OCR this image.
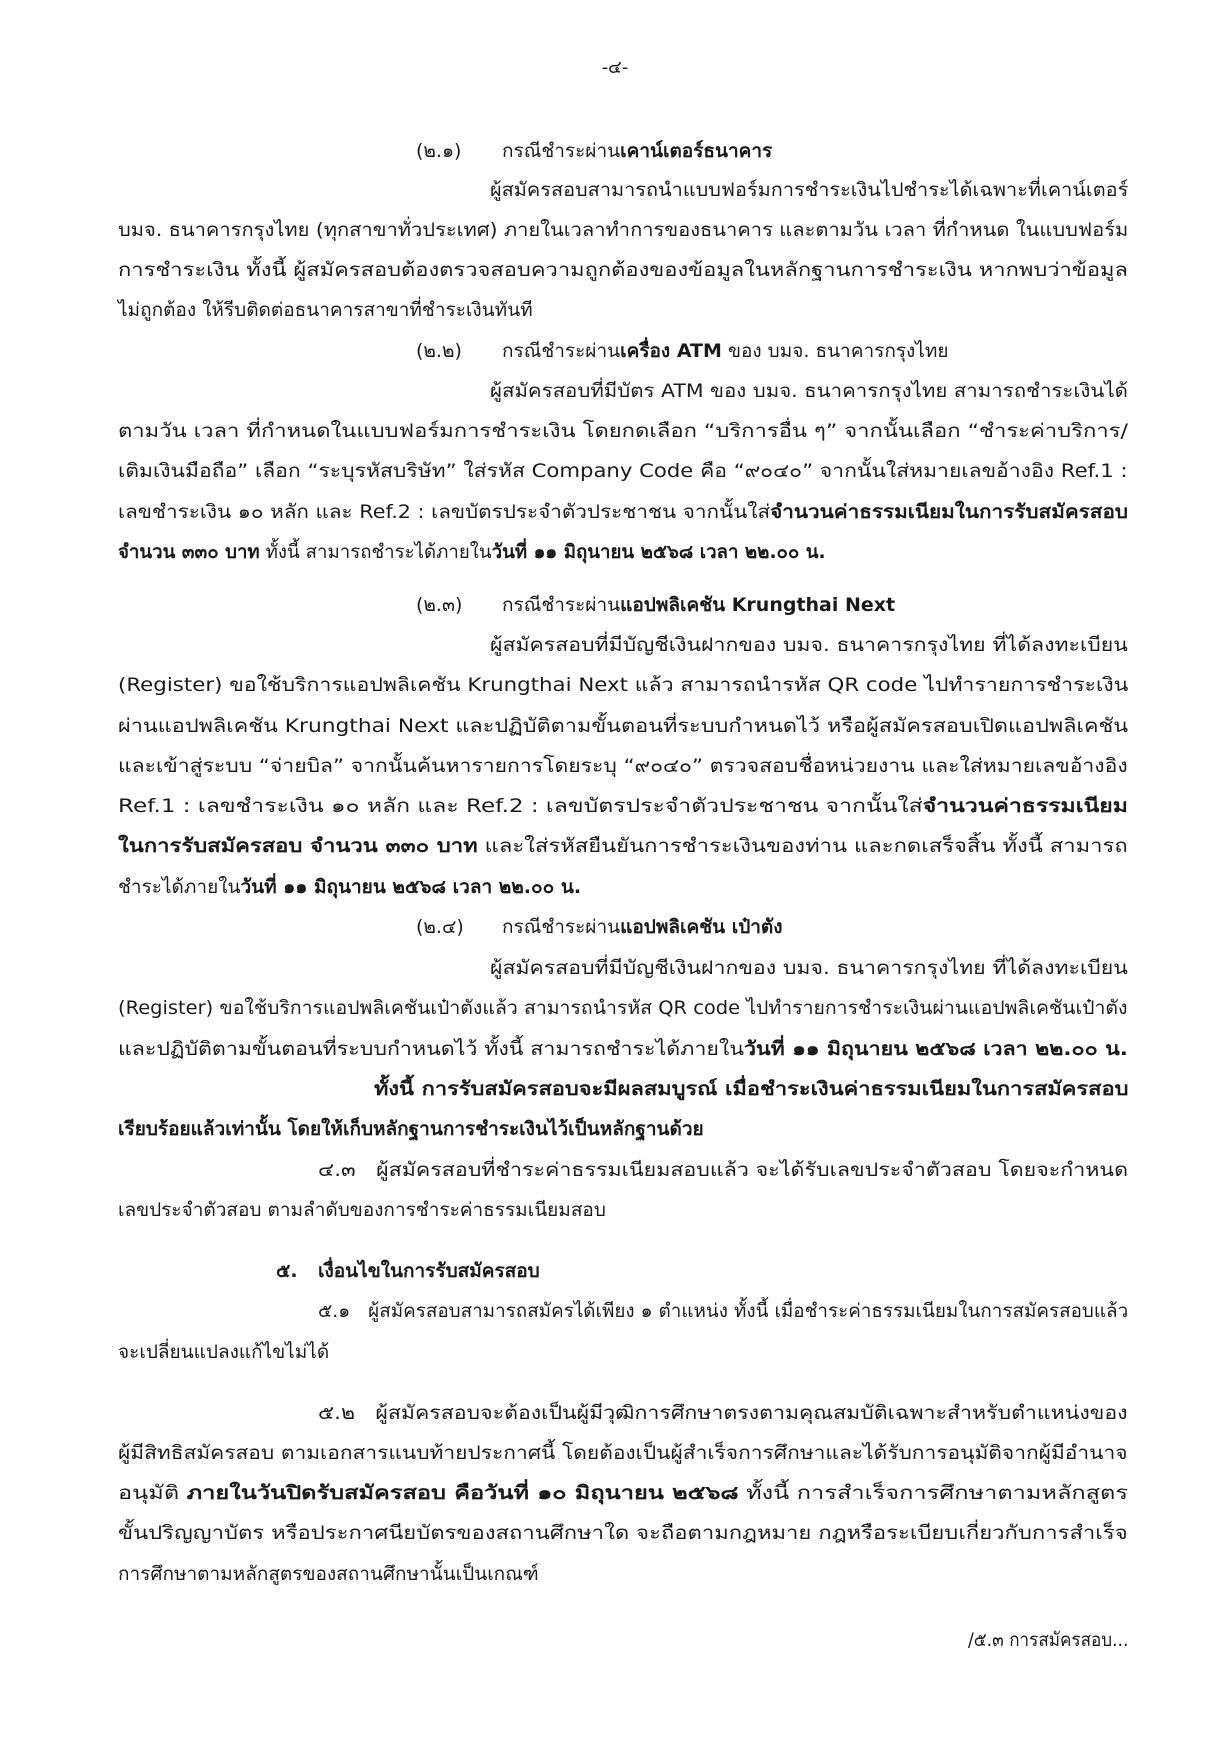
-๔-
(๒.๑) กรณีชำระผ่านเคาน์เตอร์ธนาคาร
ผู้สมัครสอบสามารถนำแบบฟอร์มการชำระเงินไปชำระได้เฉพาะที่เคาน์เตอร์
บมจ. ธนาคารกรุงไทย (ทุกสาขาทั่วประเทศ) ภายในเวลาทำการของธนาคาร และตามวัน เวลา ที่กำหนด ในแบบฟอร์ม
การชำระเงิน ทั้งนี้ ผู้สมัครสอบต้องตรวจสอบความถูกต้องของข้อมูลในหลักฐานการชำระเงิน หากพบว่าข้อมูล
ไม่ถูกต้อง ให้รีบติดต่อธนาคารสาขาที่ชำระเงินทันที
(๒.๒) กรณีชำระผ่านเครื่อง ATM ของ บมจ. ธนาคารกรุงไทย
ผู้สมัครสอบที่มีบัตร ATM ของ บมจ. ธนาคารกรุงไทย สามารถชำระเงินได้
ตามวัน เวลา ที่กำหนดในแบบฟอร์มการชำระเงิน โดยกดเลือก “บริการอื่น ๆ” จากนั้นเลือก “ชำระค่าบริการ/
เติมเงินมือถือ” เลือก “ระบุรหัสบริษัท” ใส่รหัส Company Code คือ “๙๐๔๐” จากนั้นใส่หมายเลขอ้างอิง Ref.1 :
เลขชำระเงิน ๑๐ หลัก และ Ref.2 : เลขบัตรประจำตัวประชาชน จากนั้นใส่จำนวนค่าธรรมเนียมในการรับสมัครสอบ
จำนวน ๓๓๐ บาท ทั้งนี้ สามารถชำระได้ภายในวันที่ ๑๑ มิถุนายน ๒๕๖๘ เวลา ๒๒.๐๐ น.
(๒.๓) กรณีชำระผ่านแอปพลิเคชัน Krungthai Next
ผู้สมัครสอบที่มีบัญชีเงินฝากของ บมจ. ธนาคารกรุงไทย ที่ได้ลงทะเบียน
(Register) ขอใช้บริการแอปพลิเคชัน Krungthai Next แล้ว สามารถนำรหัส QR code ไปทำรายการชำระเงิน
ผ่านแอปพลิเคชัน Krungthai Next และปฏิบัติตามขั้นตอนที่ระบบกำหนดไว้ หรือผู้สมัครสอบเปิดแอปพลิเคชัน
และเข้าสู่ระบบ “จ่ายบิล” จากนั้นค้นหารายการโดยระบุ “๙๐๔๐” ตรวจสอบชื่อหน่วยงาน และใส่หมายเลขอ้างอิง
Ref.1 : เลขชำระเงิน ๑๐ หลัก และ Ref.2 : เลขบัตรประจำตัวประชาชน จากนั้นใส่จำนวนค่าธรรมเนียม
ในการรับสมัครสอบ จำนวน ๓๓๐ บาท และใส่รหัสยืนยันการชำระเงินของท่าน และกดเสร็จสิ้น ทั้งนี้ สามารถ
ชำระได้ภายในวันที่ ๑๑ มิถุนายน ๒๕๖๘ เวลา ๒๒.๐๐ น.
(๒.๔) กรณีชำระผ่านแอปพลิเคชัน เป๋าตัง
ผู้สมัครสอบที่มีบัญชีเงินฝากของ บมจ. ธนาคารกรุงไทย ที่ได้ลงทะเบียน
(Register) ขอใช้บริการแอปพลิเคชันเป๋าตังแล้ว สามารถนำรหัส QR code ไปทำรายการชำระเงินผ่านแอปพลิเคชันเป๋าตัง
และปฏิบัติตามขั้นตอนที่ระบบกำหนดไว้ ทั้งนี้ สามารถชำระได้ภายในวันที่ ๑๑ มิถุนายน ๒๕๖๘ เวลา ๒๒.๐๐ น.
ทั้งนี้ การรับสมัครสอบจะมีผลสมบูรณ์ เมื่อชำระเงินค่าธรรมเนียมในการสมัครสอบ
เรียบร้อยแล้วเท่านั้น โดยให้เก็บหลักฐานการชำระเงินไว้เป็นหลักฐานด้วย
๔.๓   ผู้สมัครสอบที่ชำระค่าธรรมเนียมสอบแล้ว จะได้รับเลขประจำตัวสอบ โดยจะกำหนด
เลขประจำตัวสอบ ตามลำดับของการชำระค่าธรรมเนียมสอบ
๕. เงื่อนไขในการรับสมัครสอบ
๕.๑   ผู้สมัครสอบสามารถสมัครได้เพียง ๑ ตำแหน่ง ทั้งนี้ เมื่อชำระค่าธรรมเนียมในการสมัครสอบแล้ว
จะเปลี่ยนแปลงแก้ไขไม่ได้
๕.๒   ผู้สมัครสอบจะต้องเป็นผู้มีวุฒิการศึกษาตรงตามคุณสมบัติเฉพาะสำหรับตำแหน่งของ
ผู้มีสิทธิสมัครสอบ ตามเอกสารแนบท้ายประกาศนี้ โดยต้องเป็นผู้สำเร็จการศึกษาและได้รับการอนุมัติจากผู้มีอำนาจ
อนุมัติ ภายในวันปิดรับสมัครสอบ คือวันที่ ๑๐ มิถุนายน ๒๕๖๘ ทั้งนี้ การสำเร็จการศึกษาตามหลักสูตร
ขั้นปริญญาบัตร หรือประกาศนียบัตรของสถานศึกษาใด จะถือตามกฎหมาย กฎหรือระเบียบเกี่ยวกับการสำเร็จ
การศึกษาตามหลักสูตรของสถานศึกษานั้นเป็นเกณฑ์
/๕.๓ การสมัครสอบ...
